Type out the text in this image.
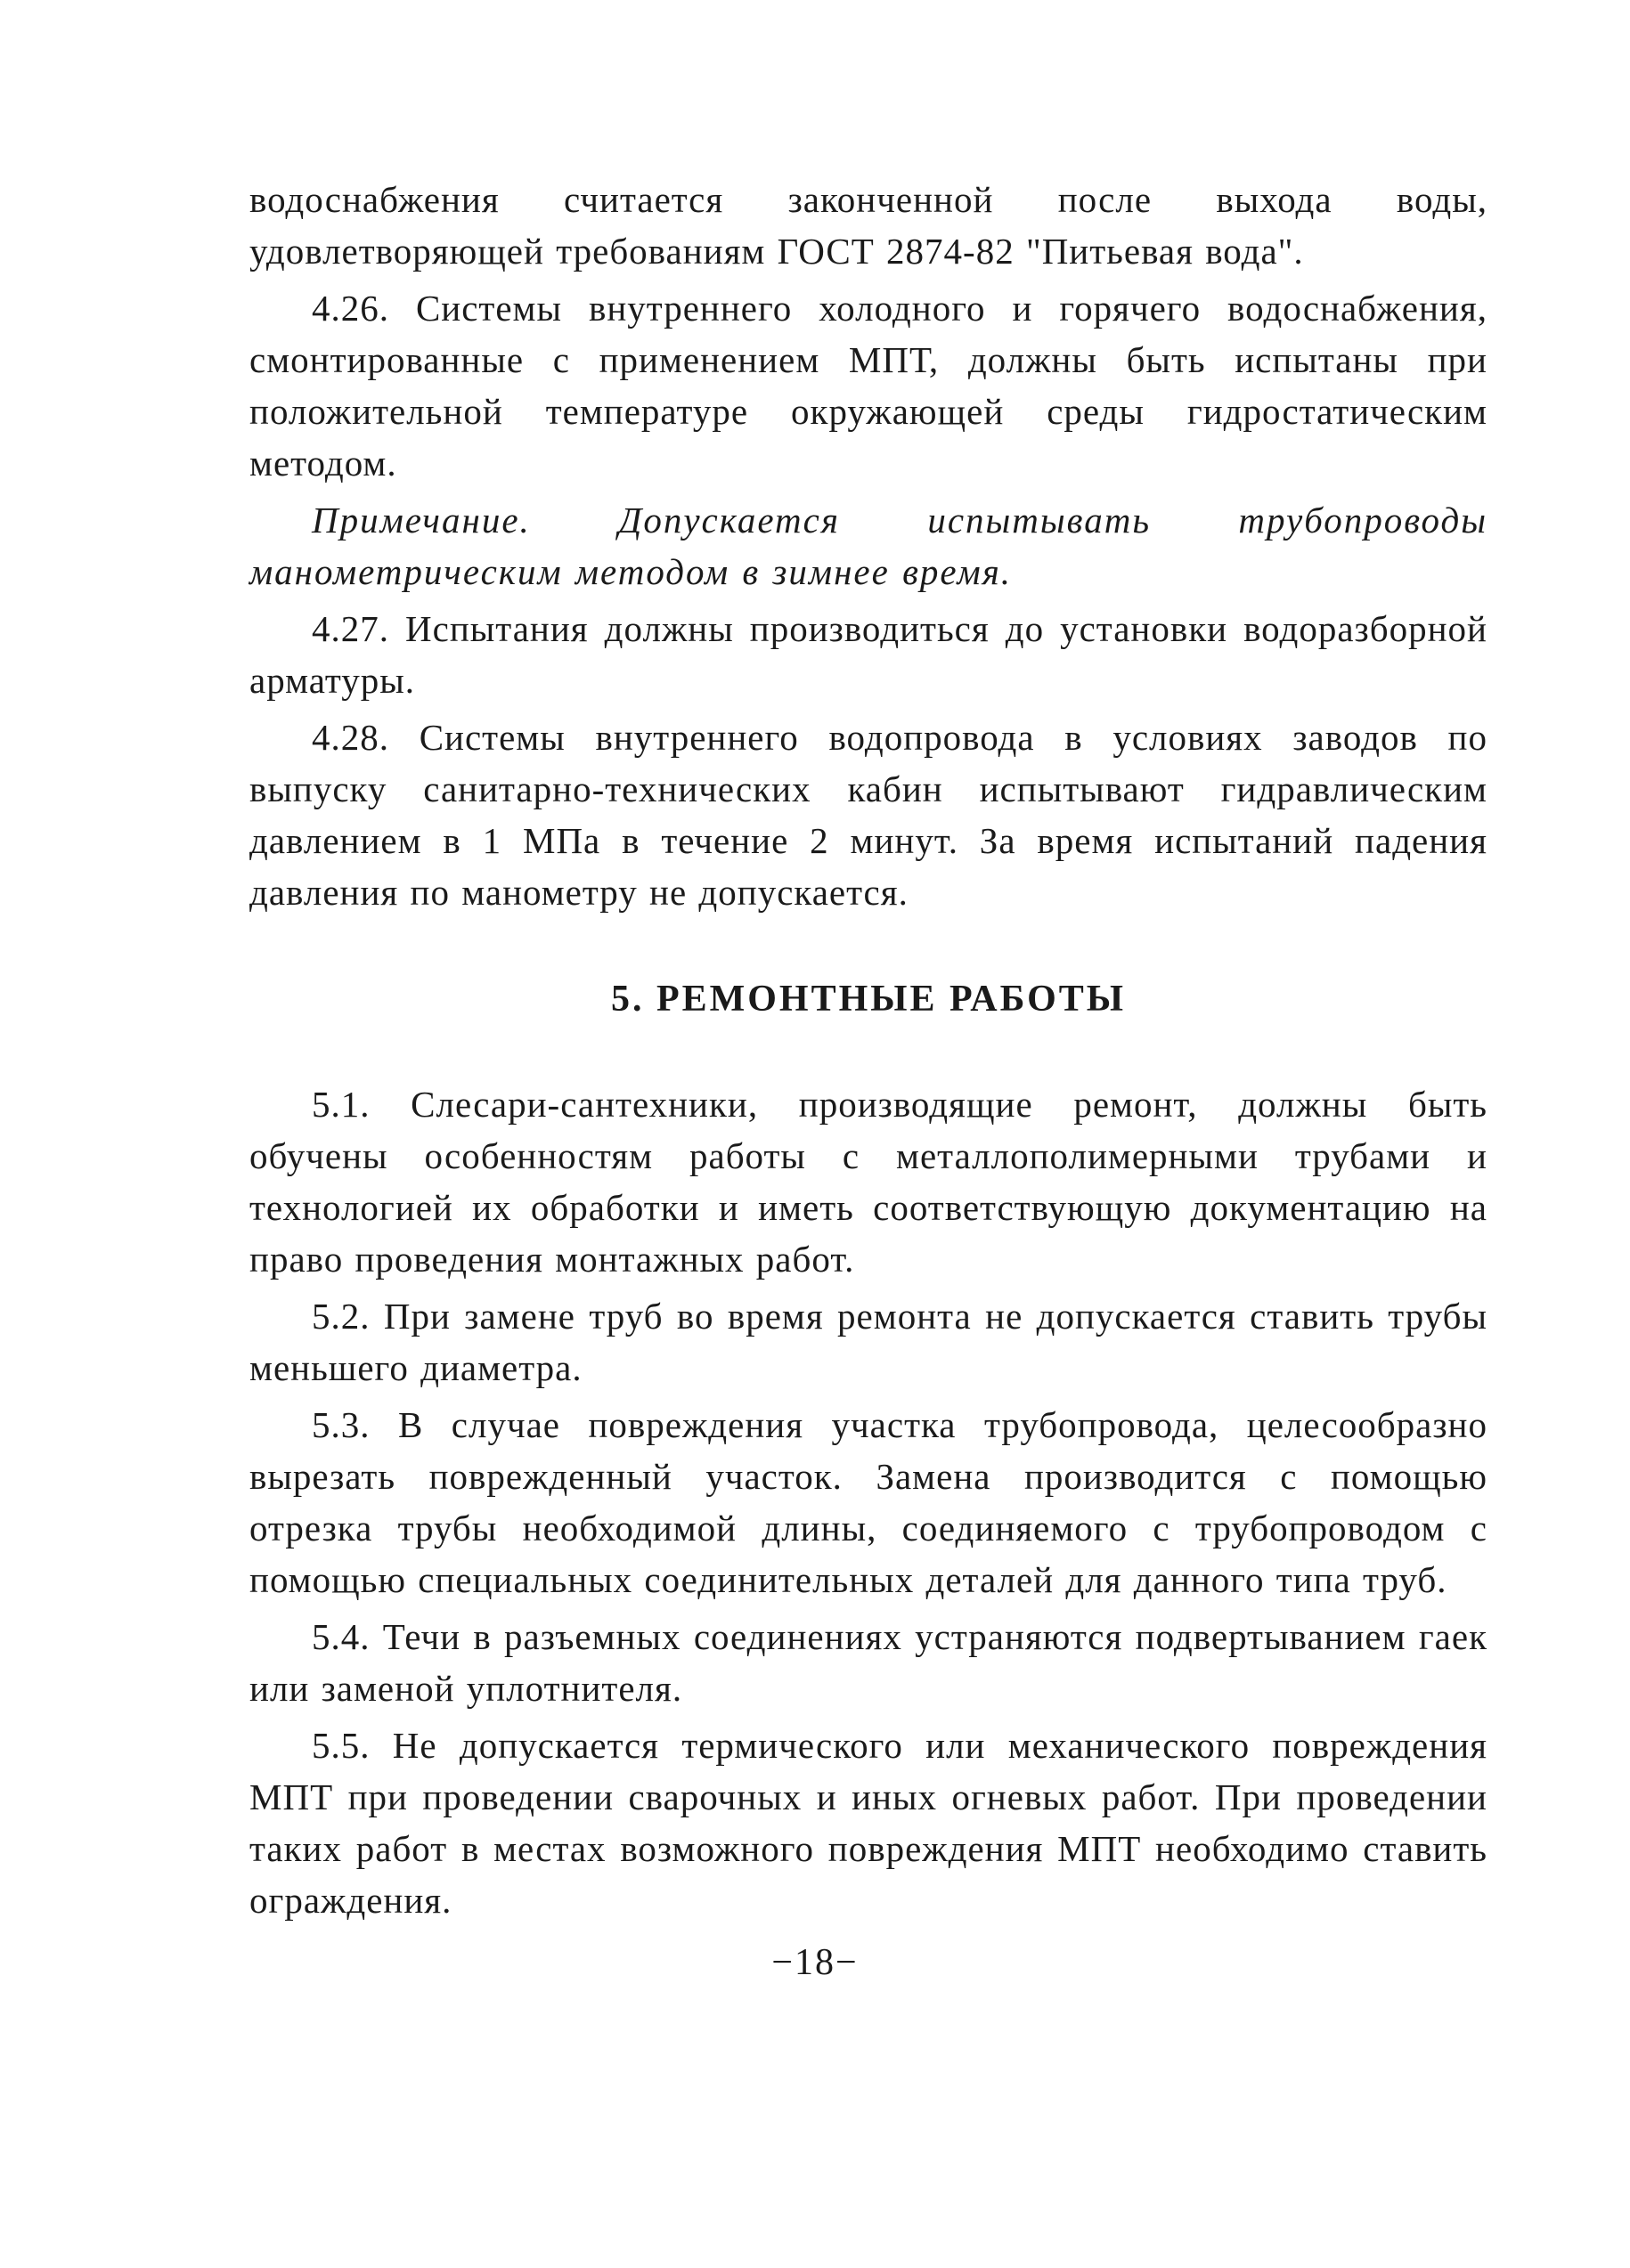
водоснабжения считается законченной после выхода воды, удовлетворяющей требованиям ГОСТ 2874-82 "Питьевая вода".

4.26. Системы внутреннего холодного и горячего водоснабжения, смонтированные с применением МПТ, должны быть испытаны при положительной температуре окружающей среды гидростатическим методом.

Примечание. Допускается испытывать трубопроводы манометрическим методом в зимнее время.

4.27. Испытания должны производиться до установки водоразборной арматуры.

4.28. Системы внутреннего водопровода в условиях заводов по выпуску санитарно-технических кабин испытывают гидравлическим давлением в 1 МПа в течение 2 минут. За время испытаний падения давления по манометру не допускается.

5. РЕМОНТНЫЕ РАБОТЫ

5.1. Слесари-сантехники, производящие ремонт, должны быть обучены особенностям работы с металлополимерными трубами и технологией их обработки и иметь соответствующую документацию на право проведения монтажных работ.

5.2. При замене труб во время ремонта не допускается ставить трубы меньшего диаметра.

5.3. В случае повреждения участка трубопровода, целесообразно вырезать поврежденный участок. Замена производится с помощью отрезка трубы необходимой длины, соединяемого с трубопроводом с помощью специальных соединительных деталей для данного типа труб.

5.4. Течи в разъемных соединениях устраняются подвертыванием гаек или заменой уплотнителя.

5.5. Не допускается термического или механического повреждения МПТ при проведении сварочных и иных огневых работ. При проведении таких работ в местах возможного повреждения МПТ необходимо ставить ограждения.

−18−
